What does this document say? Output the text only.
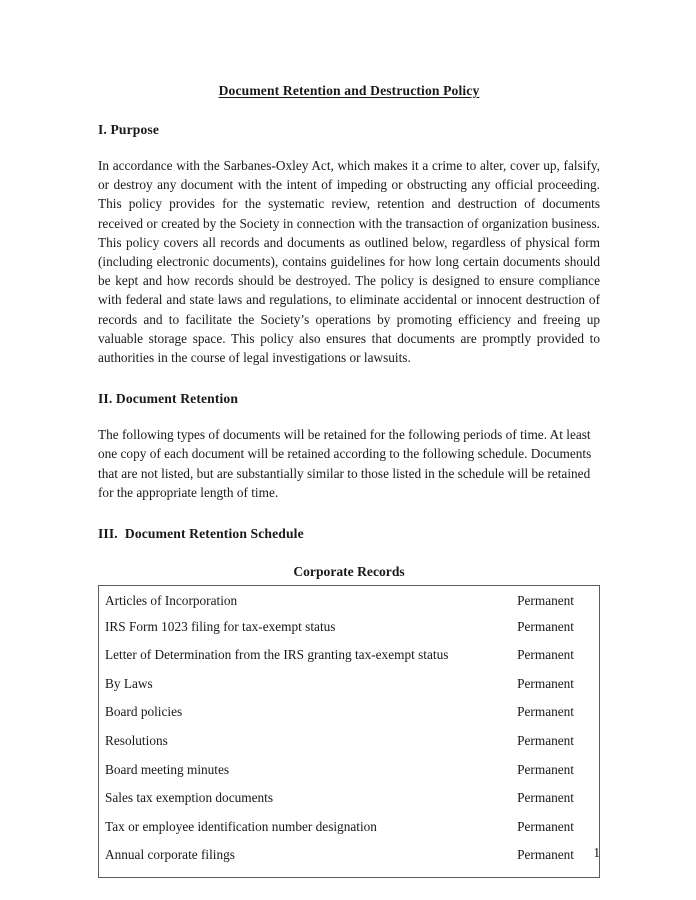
Document Retention and Destruction Policy
I. Purpose

In accordance with the Sarbanes-Oxley Act, which makes it a crime to alter, cover up, falsify, or destroy any document with the intent of impeding or obstructing any official proceeding. This policy provides for the systematic review, retention and destruction of documents received or created by the Society in connection with the transaction of organization business. This policy covers all records and documents as outlined below, regardless of physical form (including electronic documents), contains guidelines for how long certain documents should be kept and how records should be destroyed. The policy is designed to ensure compliance with federal and state laws and regulations, to eliminate accidental or innocent destruction of records and to facilitate the Society’s operations by promoting efficiency and freeing up valuable storage space. This policy also ensures that documents are promptly provided to authorities in the course of legal investigations or lawsuits.

II. Document Retention

The following types of documents will be retained for the following periods of time. At least one copy of each document will be retained according to the following schedule. Documents that are not listed, but are substantially similar to those listed in the schedule will be retained for the appropriate length of time.

III.  Document Retention Schedule
Corporate Records
Articles of Incorporation	Permanent
IRS Form 1023 filing for tax-exempt status	Permanent
Letter of Determination from the IRS granting tax-exempt status	Permanent
By Laws	Permanent
Board policies	Permanent
Resolutions	Permanent
Board meeting minutes	Permanent
Sales tax exemption documents	Permanent
Tax or employee identification number designation	Permanent
Annual corporate filings	Permanent	1
